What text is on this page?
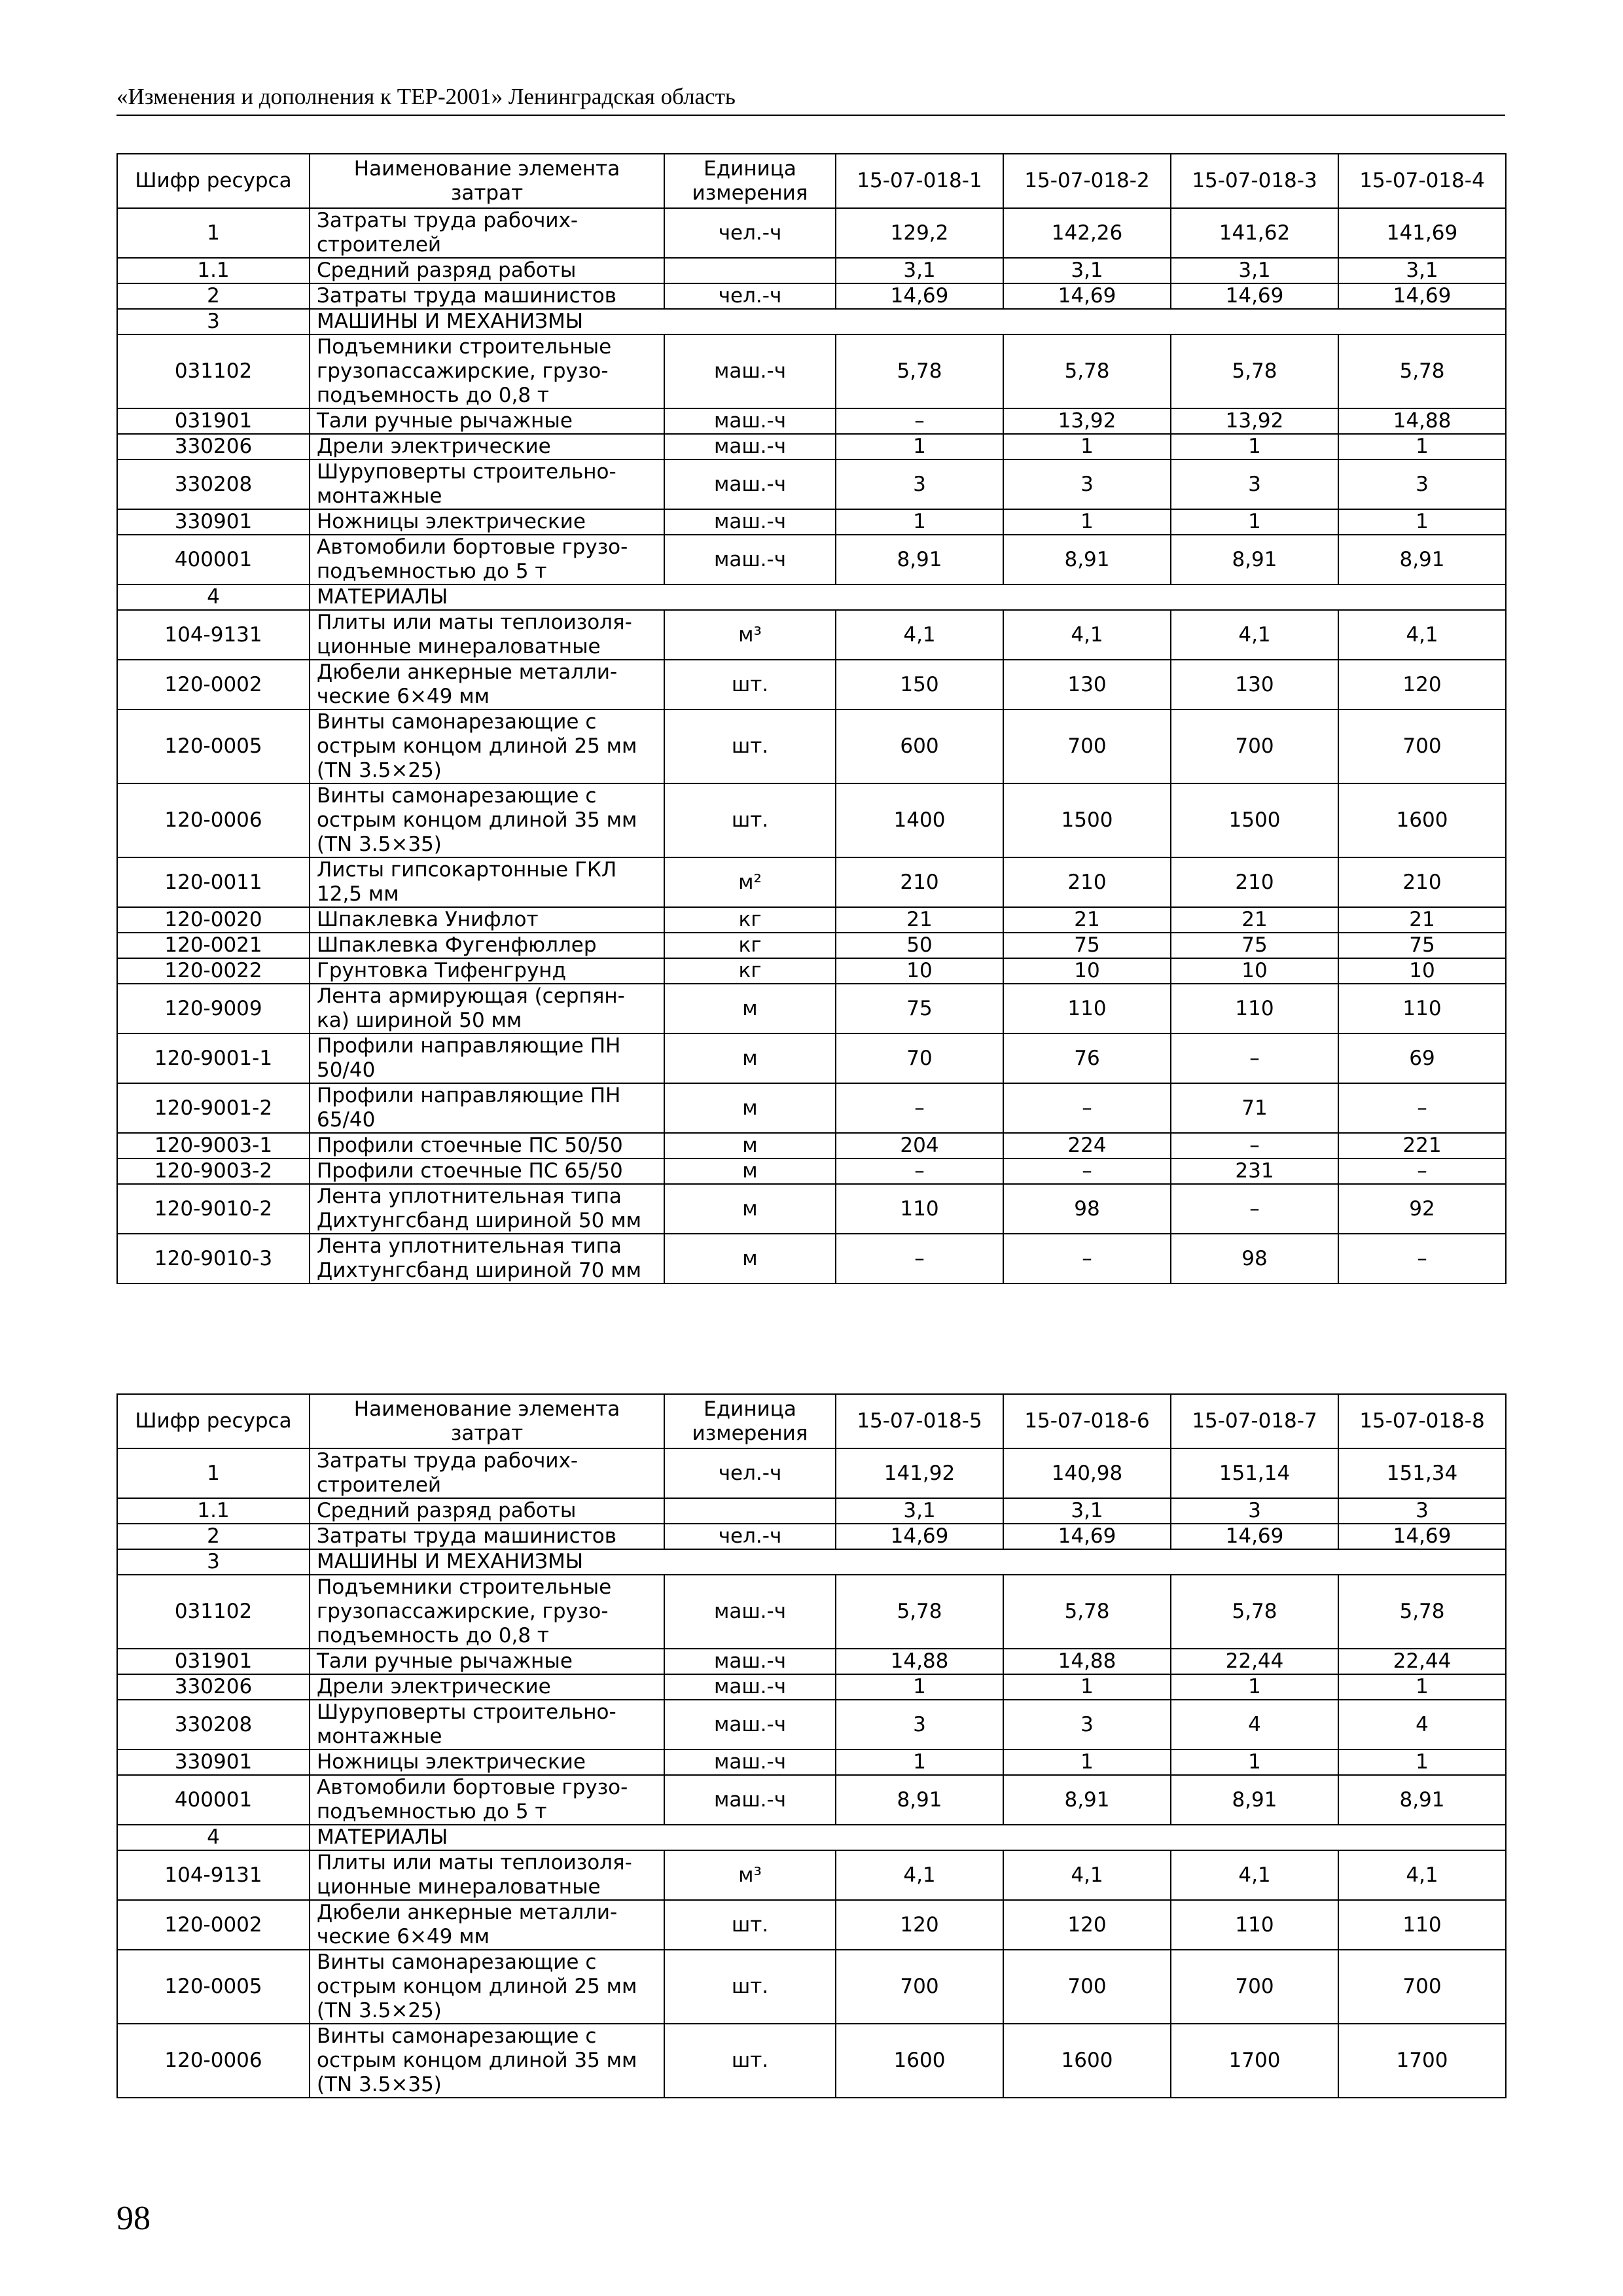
«Изменения и дополнения к ТЕР-2001» Ленинградская область
Шифр ресурса	Наименование элемента затрат	Единица измерения	15-07-018-1	15-07-018-2	15-07-018-3	15-07-018-4
1	Затраты труда рабочих-строителей	чел.-ч	129,2	142,26	141,62	141,69
1.1	Средний разряд работы		3,1	3,1	3,1	3,1
2	Затраты труда машинистов	чел.-ч	14,69	14,69	14,69	14,69
3	МАШИНЫ И МЕХАНИЗМЫ					
031102	Подъемники строительные грузопассажирские, грузо-подъемность до 0,8 т	маш.-ч	5,78	5,78	5,78	5,78
031901	Тали ручные рычажные	маш.-ч	–	13,92	13,92	14,88
330206	Дрели электрические	маш.-ч	1	1	1	1
330208	Шуруповерты строительно-монтажные	маш.-ч	3	3	3	3
330901	Ножницы электрические	маш.-ч	1	1	1	1
400001	Автомобили бортовые грузо-подъемностью до 5 т	маш.-ч	8,91	8,91	8,91	8,91
4	МАТЕРИАЛЫ					
104-9131	Плиты или маты теплоизоля-ционные минераловатные	м³	4,1	4,1	4,1	4,1
120-0002	Дюбели анкерные металли-ческие 6×49 мм	шт.	150	130	130	120
120-0005	Винты самонарезающие с острым концом длиной 25 мм (TN 3.5×25)	шт.	600	700	700	700
120-0006	Винты самонарезающие с острым концом длиной 35 мм (TN 3.5×35)	шт.	1400	1500	1500	1600
120-0011	Листы гипсокартонные ГКЛ 12,5 мм	м²	210	210	210	210
120-0020	Шпаклевка Унифлот	кг	21	21	21	21
120-0021	Шпаклевка Фугенфюллер	кг	50	75	75	75
120-0022	Грунтовка Тифенгрунд	кг	10	10	10	10
120-9009	Лента армирующая (серпян-ка) шириной 50 мм	м	75	110	110	110
120-9001-1	Профили направляющие ПН 50/40	м	70	76	–	69
120-9001-2	Профили направляющие ПН 65/40	м	–	–	71	–
120-9003-1	Профили стоечные ПС 50/50	м	204	224	–	221
120-9003-2	Профили стоечные ПС 65/50	м	–	–	231	–
120-9010-2	Лента уплотнительная типа Дихтунгсбанд шириной 50 мм	м	110	98	–	92
120-9010-3	Лента уплотнительная типа Дихтунгсбанд шириной 70 мм	м	–	–	98	–
Шифр ресурса	Наименование элемента затрат	Единица измерения	15-07-018-5	15-07-018-6	15-07-018-7	15-07-018-8
1	Затраты труда рабочих-строителей	чел.-ч	141,92	140,98	151,14	151,34
1.1	Средний разряд работы		3,1	3,1	3	3
2	Затраты труда машинистов	чел.-ч	14,69	14,69	14,69	14,69
3	МАШИНЫ И МЕХАНИЗМЫ					
031102	Подъемники строительные грузопассажирские, грузо-подъемность до 0,8 т	маш.-ч	5,78	5,78	5,78	5,78
031901	Тали ручные рычажные	маш.-ч	14,88	14,88	22,44	22,44
330206	Дрели электрические	маш.-ч	1	1	1	1
330208	Шуруповерты строительно-монтажные	маш.-ч	3	3	4	4
330901	Ножницы электрические	маш.-ч	1	1	1	1
400001	Автомобили бортовые грузо-подъемностью до 5 т	маш.-ч	8,91	8,91	8,91	8,91
4	МАТЕРИАЛЫ					
104-9131	Плиты или маты теплоизоля-ционные минераловатные	м³	4,1	4,1	4,1	4,1
120-0002	Дюбели анкерные металли-ческие 6×49 мм	шт.	120	120	110	110
120-0005	Винты самонарезающие с острым концом длиной 25 мм (TN 3.5×25)	шт.	700	700	700	700
120-0006	Винты самонарезающие с острым концом длиной 35 мм (TN 3.5×35)	шт.	1600	1600	1700	1700
98
